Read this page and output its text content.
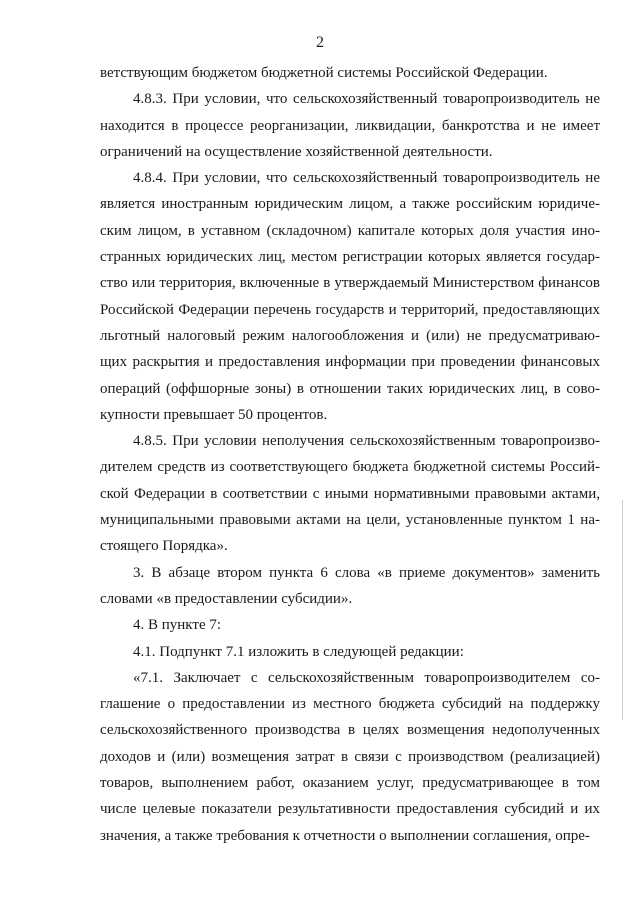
2

ветствующим бюджетом бюджетной системы Российской Федерации.

4.8.3. При условии, что сельскохозяйственный товаропроизводитель не
находится в процессе реорганизации, ликвидации, банкротства и не имеет
ограничений на осуществление хозяйственной деятельности.

4.8.4. При условии, что сельскохозяйственный товаропроизводитель не
является иностранным юридическим лицом, а также российским юридиче-
ским лицом, в уставном (складочном) капитале которых доля участия ино-
странных юридических лиц, местом регистрации которых является государ-
ство или территория, включенные в утверждаемый Министерством финансов
Российской Федерации перечень государств и территорий, предоставляющих
льготный налоговый режим налогообложения и (или) не предусматриваю-
щих раскрытия и предоставления информации при проведении финансовых
операций (оффшорные зоны) в отношении таких юридических лиц, в сово-
купности превышает 50 процентов.

4.8.5. При условии неполучения сельскохозяйственным товаропроизво-
дителем средств из соответствующего бюджета бюджетной системы Россий-
ской Федерации в соответствии с иными нормативными правовыми актами,
муниципальными правовыми актами на цели, установленные пунктом 1 на-
стоящего Порядка».

3. В абзаце втором пункта 6 слова «в приеме документов» заменить
словами «в предоставлении субсидии».

4. В пункте 7:

4.1. Подпункт 7.1 изложить в следующей редакции:

«7.1. Заключает с сельскохозяйственным товаропроизводителем со-
глашение о предоставлении из местного бюджета субсидий на поддержку
сельскохозяйственного производства в целях возмещения недополученных
доходов и (или) возмещения затрат в связи с производством (реализацией)
товаров, выполнением работ, оказанием услуг, предусматривающее в том
числе целевые показатели результативности предоставления субсидий и их
значения, а также требования к отчетности о выполнении соглашения, опре-
